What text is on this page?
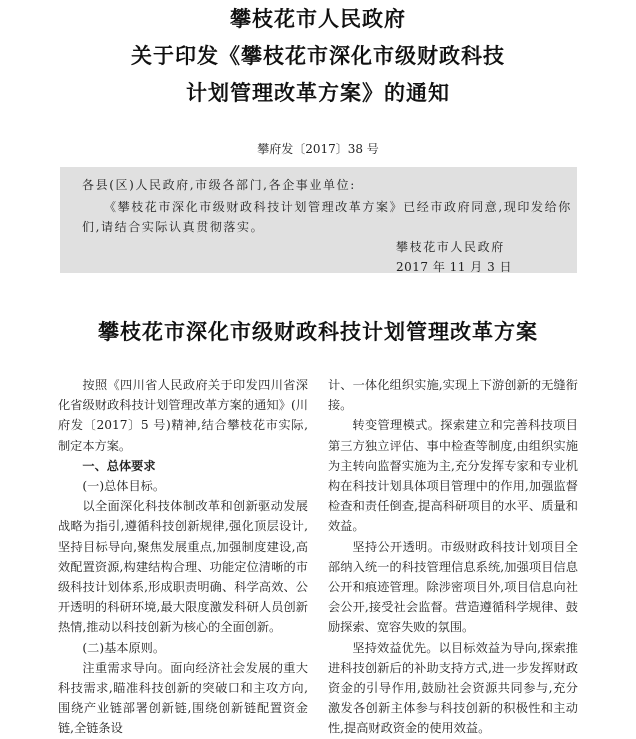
攀枝花市人民政府
关于印发《攀枝花市深化市级财政科技
计划管理改革方案》的通知
攀府发〔2017〕38 号
各县(区)人民政府,市级各部门,各企事业单位:
《攀枝花市深化市级财政科技计划管理改革方案》已经市政府同意,现印发给你
们,请结合实际认真贯彻落实。
攀枝花市人民政府
2017 年 11 月 3 日
攀枝花市深化市级财政科技计划管理改革方案

按照《四川省人民政府关于印发四川省深化省级财政科技计划管理改革方案的通知》(川府发〔2017〕5 号)精神,结合攀枝花市实际,制定本方案。

一、总体要求

(一)总体目标。

以全面深化科技体制改革和创新驱动发展战略为指引,遵循科技创新规律,强化顶层设计,坚持目标导向,聚焦发展重点,加强制度建设,高效配置资源,构建结构合理、功能定位清晰的市级科技计划体系,形成职责明确、科学高效、公开透明的科研环境,最大限度激发科研人员创新热情,推动以科技创新为核心的全面创新。

(二)基本原则。

注重需求导向。面向经济社会发展的重大科技需求,瞄准科技创新的突破口和主攻方向,围绕产业链部署创新链,围绕创新链配置资金链,全链条设

计、一体化组织实施,实现上下游创新的无缝衔接。

转变管理模式。探索建立和完善科技项目第三方独立评估、事中检查等制度,由组织实施为主转向监督实施为主,充分发挥专家和专业机构在科技计划具体项目管理中的作用,加强监督检查和责任倒查,提高科研项目的水平、质量和效益。

坚持公开透明。市级财政科技计划项目全部纳入统一的科技管理信息系统,加强项目信息公开和痕迹管理。除涉密项目外,项目信息向社会公开,接受社会监督。营造遵循科学规律、鼓励探索、宽容失败的氛围。

坚持效益优先。以目标效益为导向,探索推进科技创新后的补助支持方式,进一步发挥财政资金的引导作用,鼓励社会资源共同参与,充分激发各创新主体参与科技创新的积极性和主动性,提高财政资金的使用效益。
